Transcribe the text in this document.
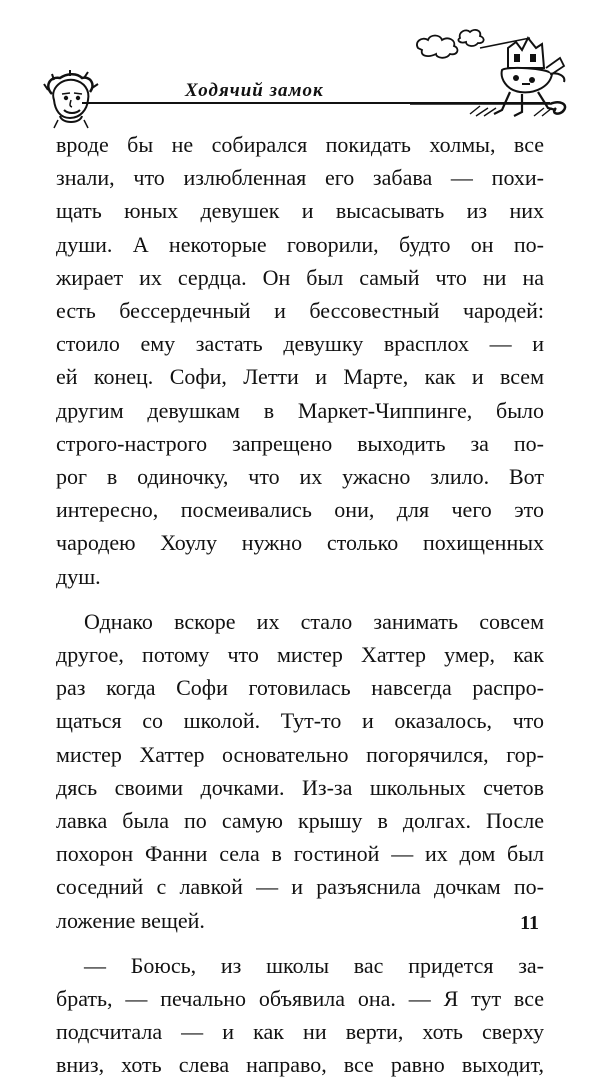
Ходячий замок

вроде бы не собирался покидать холмы, все
знали, что излюбленная его забава — похи-
щать юных девушек и высасывать из них
души. А некоторые говорили, будто он по-
жирает их сердца. Он был самый что ни на
есть бессердечный и бессовестный чародей:
стоило ему застать девушку врасплох — и
ей конец. Софи, Летти и Марте, как и всем
другим девушкам в Маркет-Чиппинге, было
строго-настрого запрещено выходить за по-
рог в одиночку, что их ужасно злило. Вот
интересно, посмеивались они, для чего это
чародею Хоулу нужно столько похищенных
душ.

Однако вскоре их стало занимать совсем
другое, потому что мистер Хаттер умер, как
раз когда Софи готовилась навсегда распро-
щаться со школой. Тут-то и оказалось, что
мистер Хаттер основательно погорячился, гор-
дясь своими дочками. Из-за школьных счетов
лавка была по самую крышу в долгах. После
похорон Фанни села в гостиной — их дом был
соседний с лавкой — и разъяснила дочкам по-
ложение вещей.

— Боюсь, из школы вас придется за-
брать, — печально объявила она. — Я тут все
подсчитала — и как ни верти, хоть сверху
вниз, хоть слева направо, все равно выходит,

11
